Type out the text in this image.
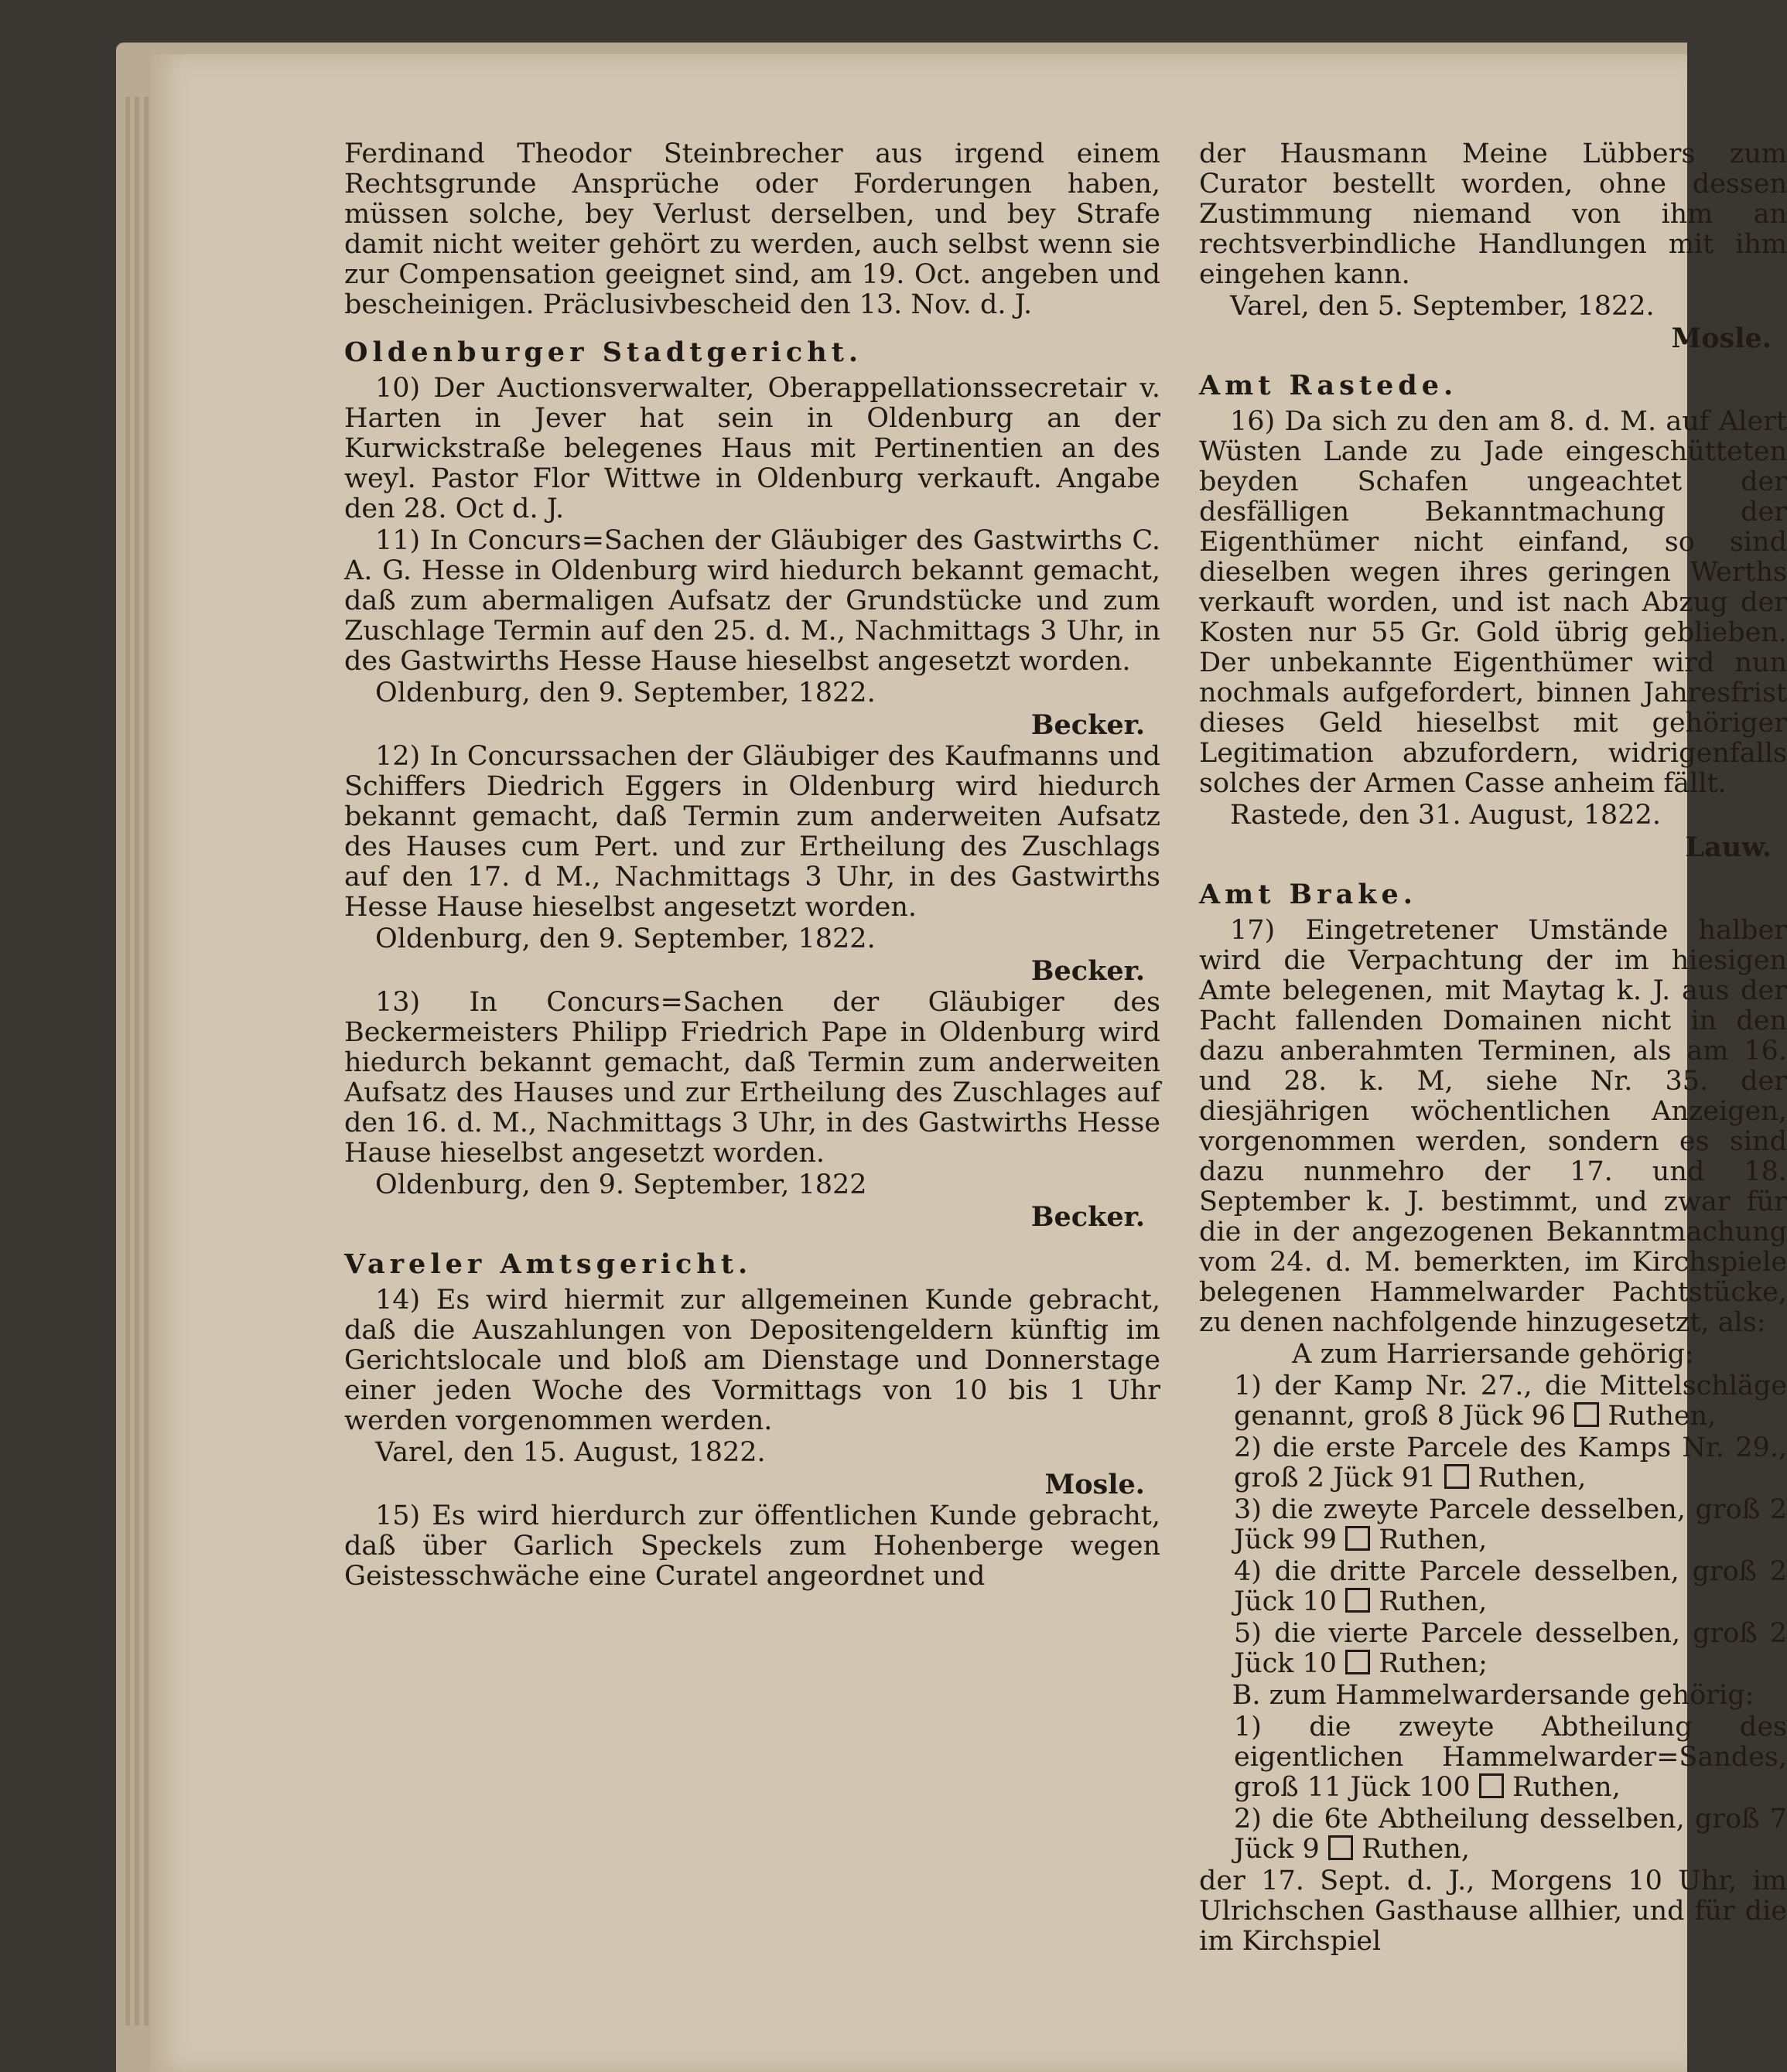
Ferdinand Theodor Steinbrecher aus irgend einem Rechtsgrunde Ansprüche oder Forderungen haben, müssen solche, bey Verlust derselben, und bey Strafe damit nicht weiter gehört zu werden, auch selbst wenn sie zur Compensation geeignet sind, am 19. Oct. angeben und bescheinigen. Präclusivbescheid den 13. Nov. d. J.

Oldenburger Stadtgericht.

10) Der Auctionsverwalter, Oberappellationssecretair v. Harten in Jever hat sein in Oldenburg an der Kurwickstraße belegenes Haus mit Pertinentien an des weyl. Pastor Flor Wittwe in Oldenburg verkauft. Angabe den 28. Oct d. J.

11) In Concurs=Sachen der Gläubiger des Gastwirths C. A. G. Hesse in Oldenburg wird hiedurch bekannt gemacht, daß zum abermaligen Aufsatz der Grundstücke und zum Zuschlage Termin auf den 25. d. M., Nachmittags 3 Uhr, in des Gastwirths Hesse Hause hieselbst angesetzt worden.

Oldenburg, den 9. September, 1822.

Becker.

12) In Concurssachen der Gläubiger des Kaufmanns und Schiffers Diedrich Eggers in Oldenburg wird hiedurch bekannt gemacht, daß Termin zum anderweiten Aufsatz des Hauses cum Pert. und zur Ertheilung des Zuschlags auf den 17. d M., Nachmittags 3 Uhr, in des Gastwirths Hesse Hause hieselbst angesetzt worden.

Oldenburg, den 9. September, 1822.

Becker.

13) In Concurs=Sachen der Gläubiger des Beckermeisters Philipp Friedrich Pape in Oldenburg wird hiedurch bekannt gemacht, daß Termin zum anderweiten Aufsatz des Hauses und zur Ertheilung des Zuschlages auf den 16. d. M., Nachmittags 3 Uhr, in des Gastwirths Hesse Hause hieselbst angesetzt worden.

Oldenburg, den 9. September, 1822

Becker.

Vareler Amtsgericht.

14) Es wird hiermit zur allgemeinen Kunde gebracht, daß die Auszahlungen von Depositengeldern künftig im Gerichtslocale und bloß am Dienstage und Donnerstage einer jeden Woche des Vormittags von 10 bis 1 Uhr werden vorgenommen werden.

Varel, den 15. August, 1822.

Mosle.

15) Es wird hierdurch zur öffentlichen Kunde gebracht, daß über Garlich Speckels zum Hohenberge wegen Geistesschwäche eine Curatel angeordnet und

der Hausmann Meine Lübbers zum Curator bestellt worden, ohne dessen Zustimmung niemand von ihm an rechtsverbindliche Handlungen mit ihm eingehen kann.

Varel, den 5. September, 1822.

Mosle.

Amt Rastede.

16) Da sich zu den am 8. d. M. auf Alert Wüsten Lande zu Jade eingeschütteten beyden Schafen ungeachtet der desfälligen Bekanntmachung der Eigenthümer nicht einfand, so sind dieselben wegen ihres geringen Werths verkauft worden, und ist nach Abzug der Kosten nur 55 Gr. Gold übrig geblieben. Der unbekannte Eigenthümer wird nun nochmals aufgefordert, binnen Jahresfrist dieses Geld hieselbst mit gehöriger Legitimation abzufordern, widrigenfalls solches der Armen Casse anheim fällt.

Rastede, den 31. August, 1822.

Lauw.

Amt Brake.

17) Eingetretener Umstände halber wird die Verpachtung der im hiesigen Amte belegenen, mit Maytag k. J. aus der Pacht fallenden Domainen nicht in den dazu anberahmten Terminen, als am 16. und 28. k. M, siehe Nr. 35. der diesjährigen wöchentlichen Anzeigen, vorgenommen werden, sondern es sind dazu nunmehro der 17. und 18. September k. J. bestimmt, und zwar für die in der angezogenen Bekanntmachung vom 24. d. M. bemerkten, im Kirchspiele belegenen Hammelwarder Pachtstücke, zu denen nachfolgende hinzugesetzt, als:

A zum Harriersande gehörig:

1) der Kamp Nr. 27., die Mittelschläge genannt, groß 8 Jück 96 Ruthen,

2) die erste Parcele des Kamps Nr. 29., groß 2 Jück 91 Ruthen,

3) die zweyte Parcele desselben, groß 2 Jück 99 Ruthen,

4) die dritte Parcele desselben, groß 2 Jück 10 Ruthen,

5) die vierte Parcele desselben, groß 2 Jück 10 Ruthen;

B. zum Hammelwardersande gehörig:

1) die zweyte Abtheilung des eigentlichen Hammelwarder=Sandes, groß 11 Jück 100 Ruthen,

2) die 6te Abtheilung desselben, groß 7 Jück 9 Ruthen,

der 17. Sept. d. J., Morgens 10 Uhr, im Ulrichschen Gasthause allhier, und für die im Kirchspiel
